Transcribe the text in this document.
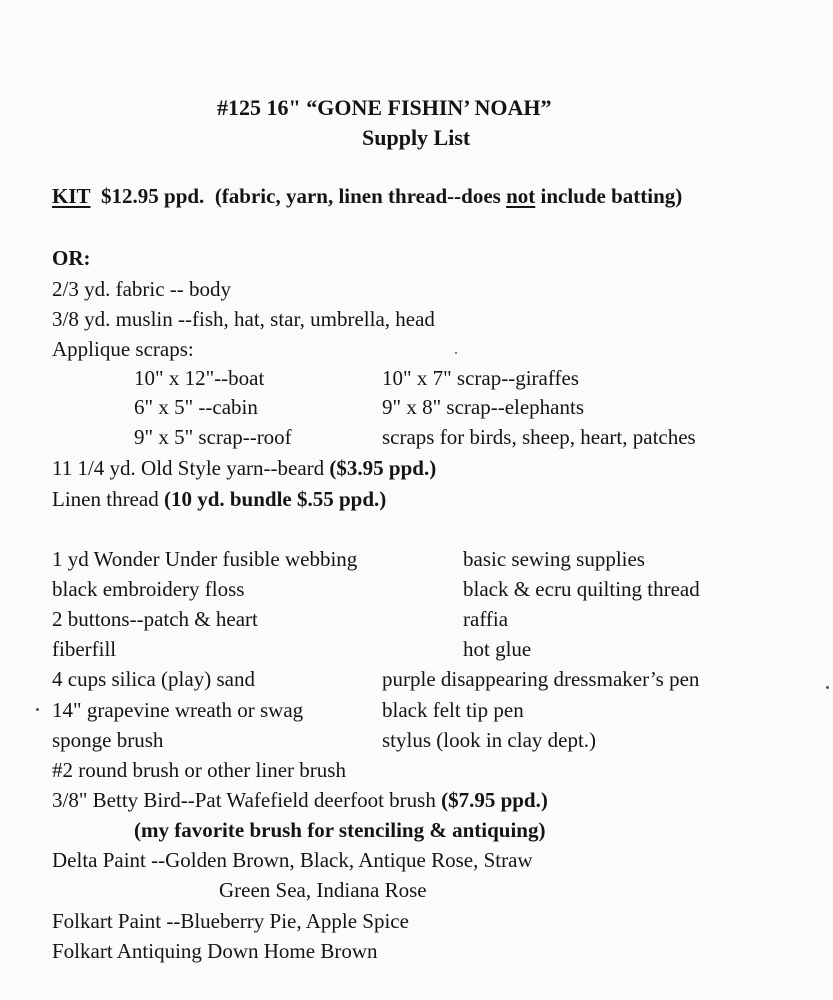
#125 16" “GONE FISHIN’ NOAH”
Supply List
KIT $12.95 ppd. (fabric, yarn, linen thread--does not include batting)
OR:
2/3 yd. fabric -- body
3/8 yd. muslin --fish, hat, star, umbrella, head
Applique scraps:
10" x 12"--boat
6" x 5" --cabin
9" x 5" scrap--roof
10" x 7" scrap--giraffes
9" x 8" scrap--elephants
scraps for birds, sheep, heart, patches
11 1/4 yd. Old Style yarn--beard ($3.95 ppd.)
Linen thread (10 yd. bundle $.55 ppd.)
1 yd Wonder Under fusible webbing
black embroidery floss
2 buttons--patch & heart
fiberfill
4 cups silica (play) sand
14" grapevine wreath or swag
sponge brush
basic sewing supplies
black & ecru quilting thread
raffia
hot glue
purple disappearing dressmaker’s pen
black felt tip pen
stylus (look in clay dept.)
#2 round brush or other liner brush
3/8" Betty Bird--Pat Wafefield deerfoot brush ($7.95 ppd.)
(my favorite brush for stenciling & antiquing)
Delta Paint --Golden Brown, Black, Antique Rose, Straw
Green Sea, Indiana Rose
Folkart Paint --Blueberry Pie, Apple Spice
Folkart Antiquing Down Home Brown
